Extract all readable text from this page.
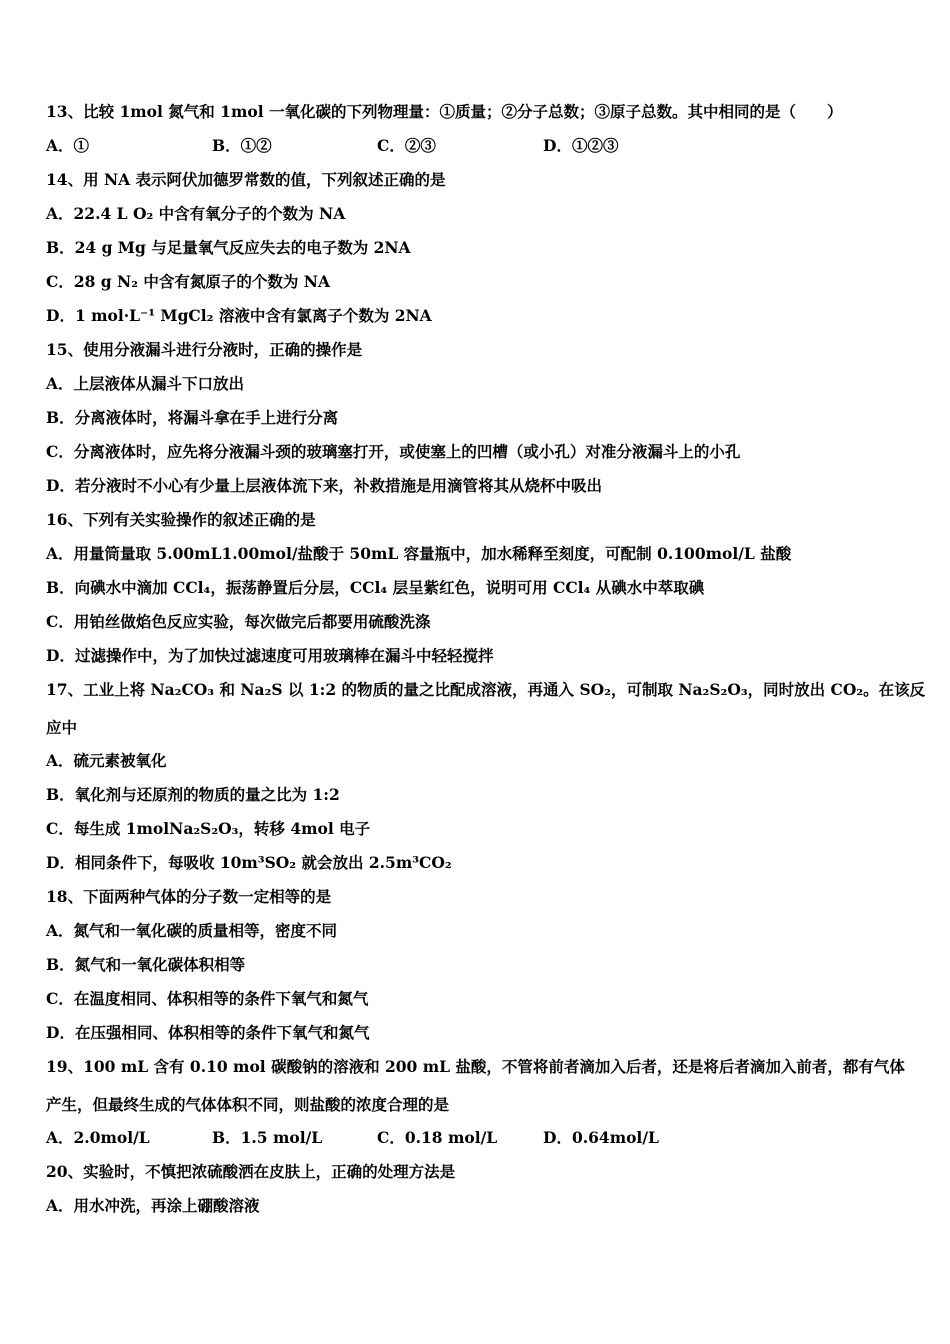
13、比较 1mol 氮气和 1mol 一氧化碳的下列物理量：①质量；②分子总数；③原子总数。其中相同的是（　　）
A．①	B．①②	C．②③	D．①②③
14、用 NA 表示阿伏加德罗常数的值，下列叙述正确的是
A．22.4 L O₂ 中含有氧分子的个数为 NA
B．24 g Mg 与足量氧气反应失去的电子数为 2NA
C．28 g N₂ 中含有氮原子的个数为 NA
D．1 mol·L⁻¹ MgCl₂ 溶液中含有氯离子个数为 2NA
15、使用分液漏斗进行分液时，正确的操作是
A．上层液体从漏斗下口放出
B．分离液体时，将漏斗拿在手上进行分离
C．分离液体时，应先将分液漏斗颈的玻璃塞打开，或使塞上的凹槽（或小孔）对准分液漏斗上的小孔
D．若分液时不小心有少量上层液体流下来，补救措施是用滴管将其从烧杯中吸出
16、下列有关实验操作的叙述正确的是
A．用量筒量取 5.00mL1.00mol/盐酸于 50mL 容量瓶中，加水稀释至刻度，可配制 0.100mol/L 盐酸
B．向碘水中滴加 CCl₄，振荡静置后分层，CCl₄ 层呈紫红色，说明可用 CCl₄ 从碘水中萃取碘
C．用铂丝做焰色反应实验，每次做完后都要用硫酸洗涤
D．过滤操作中，为了加快过滤速度可用玻璃棒在漏斗中轻轻搅拌
17、工业上将 Na₂CO₃ 和 Na₂S 以 1:2 的物质的量之比配成溶液，再通入 SO₂，可制取 Na₂S₂O₃，同时放出 CO₂。在该反
应中
A．硫元素被氧化
B．氧化剂与还原剂的物质的量之比为 1:2
C．每生成 1molNa₂S₂O₃，转移 4mol 电子
D．相同条件下，每吸收 10m³SO₂ 就会放出 2.5m³CO₂
18、下面两种气体的分子数一定相等的是
A．氮气和一氧化碳的质量相等，密度不同
B．氮气和一氧化碳体积相等
C．在温度相同、体积相等的条件下氧气和氮气
D．在压强相同、体积相等的条件下氧气和氮气
19、100 mL 含有 0.10 mol 碳酸钠的溶液和 200 mL 盐酸，不管将前者滴加入后者，还是将后者滴加入前者，都有气体
产生，但最终生成的气体体积不同，则盐酸的浓度合理的是
A．2.0mol/L	B．1.5 mol/L	C．0.18 mol/L	D．0.64mol/L
20、实验时，不慎把浓硫酸洒在皮肤上，正确的处理方法是
A．用水冲洗，再涂上硼酸溶液
